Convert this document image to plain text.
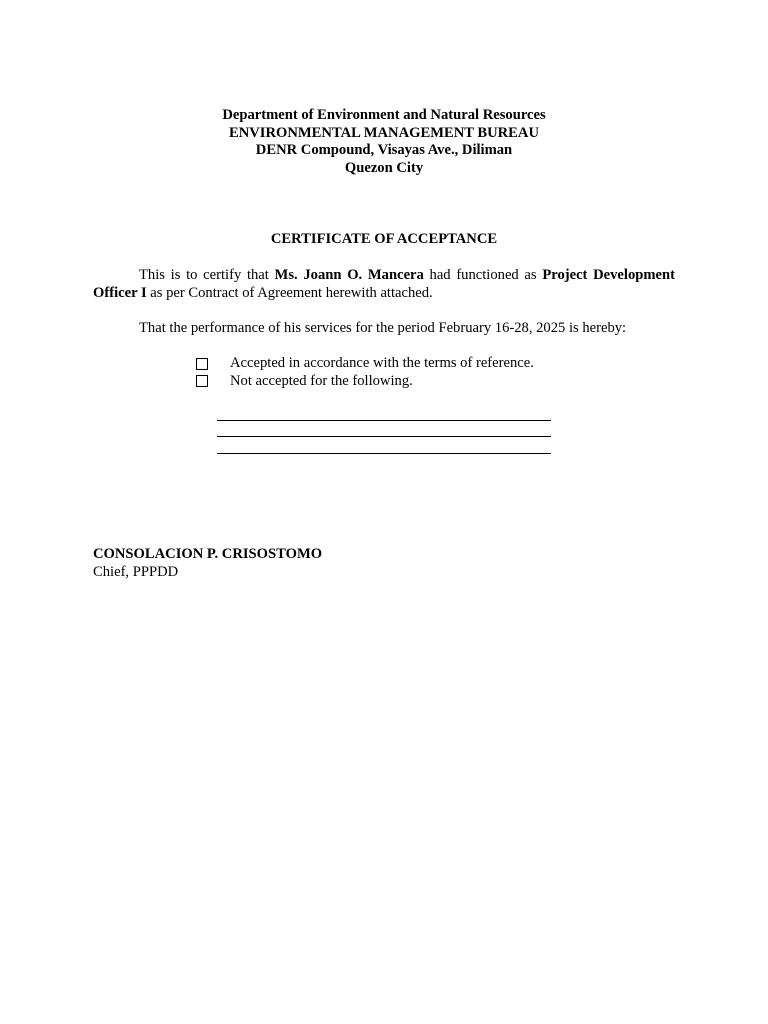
Department of Environment and Natural Resources
ENVIRONMENTAL MANAGEMENT BUREAU
DENR Compound, Visayas Ave., Diliman
Quezon City
CERTIFICATE OF ACCEPTANCE
This is to certify that Ms. Joann O. Mancera had functioned as Project Development Officer I as per Contract of Agreement herewith attached.
That the performance of his services for the period February 16-28, 2025 is hereby:
Accepted in accordance with the terms of reference.
Not accepted for the following.
CONSOLACION P. CRISOSTOMO
Chief, PPPDD
